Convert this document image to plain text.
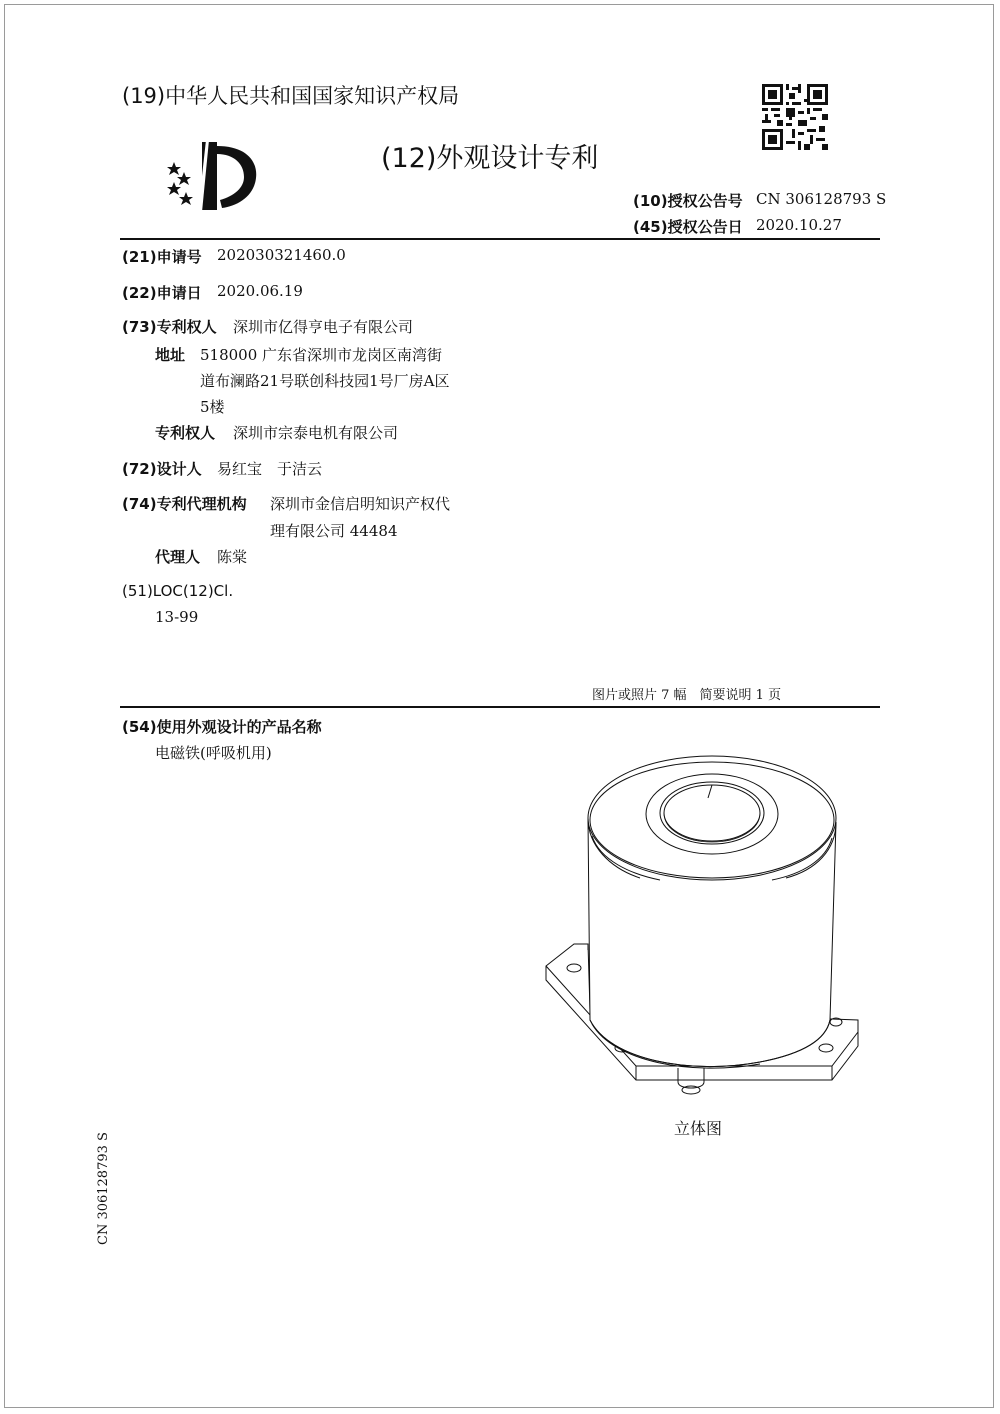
(19)中华人民共和国国家知识产权局
(12)外观设计专利
(10)授权公告号 CN 306128793 S
(45)授权公告日 2020.10.27
(21)申请号 202030321460.0
(22)申请日 2020.06.19
(73)专利权人 深圳市亿得亨电子有限公司
地址 518000 广东省深圳市龙岗区南湾街
道布澜路21号联创科技园1号厂房A区
5楼
专利权人 深圳市宗泰电机有限公司
(72)设计人 易红宝　于洁云
(74)专利代理机构 深圳市金信启明知识产权代
理有限公司 44484
代理人 陈棠
(51)LOC(12)Cl.
13-99
图片或照片 7 幅　简要说明 1 页
(54)使用外观设计的产品名称
电磁铁(呼吸机用)
立体图
CN 306128793 S
